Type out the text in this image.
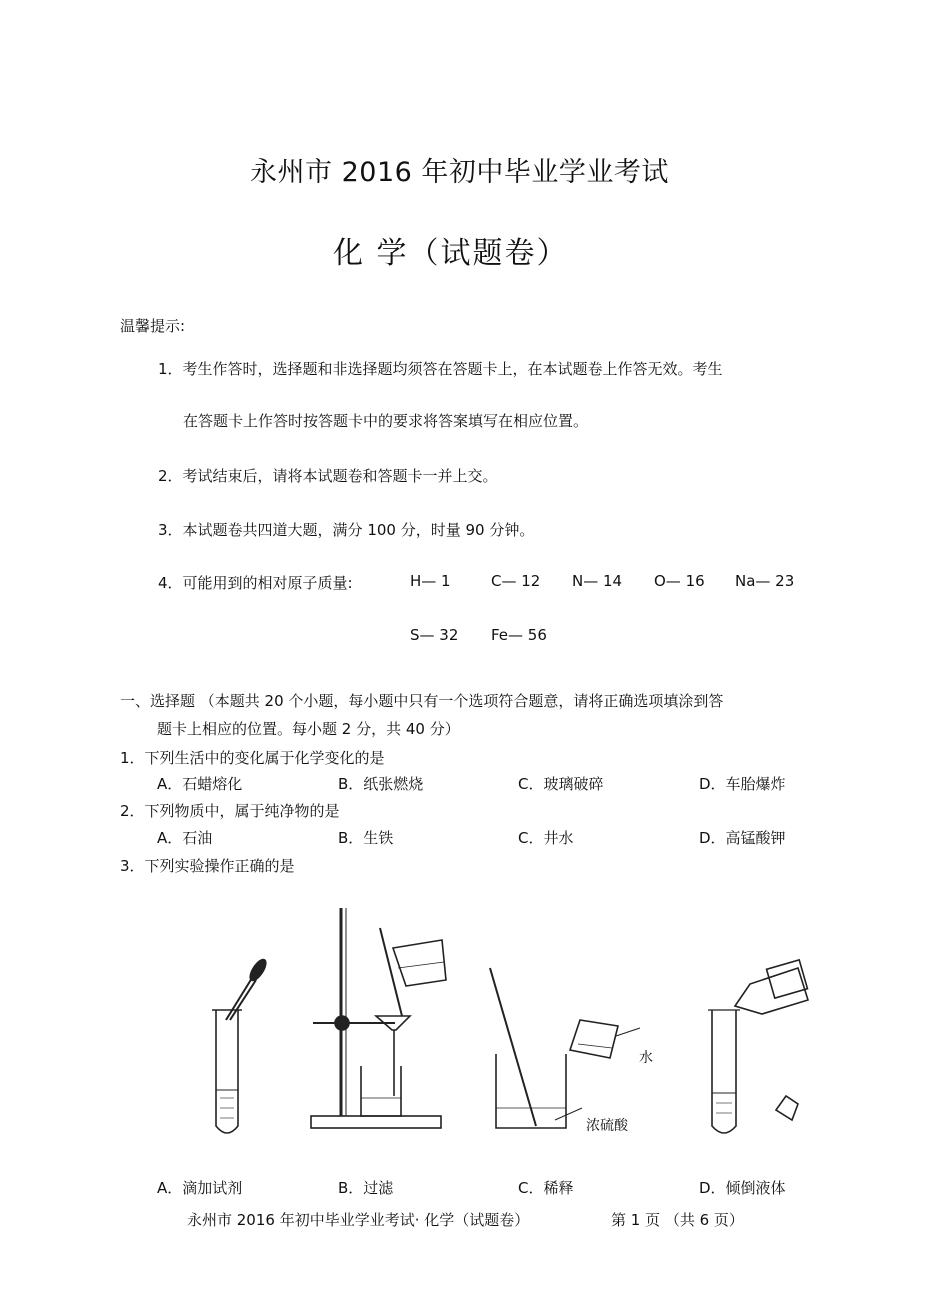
永州市 2016 年初中毕业学业考试
化 学（试题卷）
温馨提示:
1．考生作答时，选择题和非选择题均须答在答题卡上，在本试题卷上作答无效。考生
在答题卡上作答时按答题卡中的要求将答案填写在相应位置。
2．考试结束后，请将本试题卷和答题卡一并上交。
3．本试题卷共四道大题，满分 100 分，时量 90 分钟。
4．可能用到的相对原子质量:	H— 1	C— 12 N— 14 O— 16 Na— 23
S— 32 Fe— 56
一、选择题 （本题共 20 个小题，每小题中只有一个选项符合题意，请将正确选项填涂到答
题卡上相应的位置。每小题 2 分，共 40 分）
1．下列生活中的变化属于化学变化的是
A．石蜡熔化	B．纸张燃烧	C．玻璃破碎	D．车胎爆炸
2．下列物质中，属于纯净物的是
A．石油	B．生铁	C．井水	D．高锰酸钾
3．下列实验操作正确的是
水
浓硫酸
A．滴加试剂	B．过滤	C．稀释	D．倾倒液体
永州市 2016 年初中毕业学业考试· 化学（试题卷）	第 1 页 （共 6 页）
